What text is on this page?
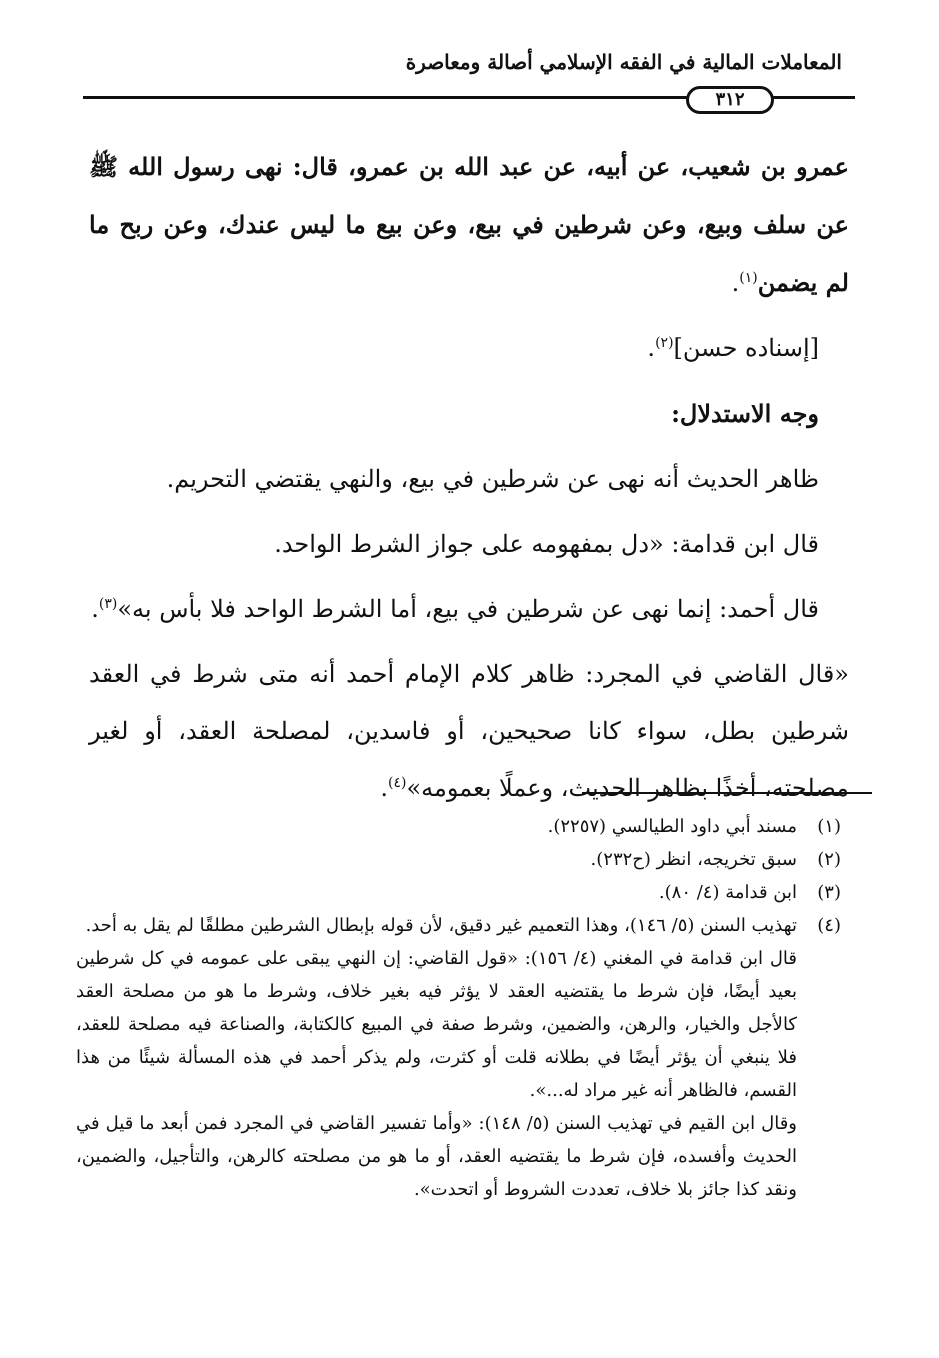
المعاملات المالية في الفقه الإسلامي أصالة ومعاصرة
٣١٢

عمرو بن شعيب، عن أبيه، عن عبد الله بن عمرو، قال: نهى رسول الله ﷺ عن سلف وبيع، وعن شرطين في بيع، وعن بيع ما ليس عندك، وعن ربح ما لم يضمن$^{(١)}$.

[إسناده حسن]$^{(٢)}$.

وجه الاستدلال:

ظاهر الحديث أنه نهى عن شرطين في بيع، والنهي يقتضي التحريم.

قال ابن قدامة: «دل بمفهومه على جواز الشرط الواحد.

قال أحمد: إنما نهى عن شرطين في بيع، أما الشرط الواحد فلا بأس به»$^{(٣)}$.

«قال القاضي في المجرد: ظاهر كلام الإمام أحمد أنه متى شرط في العقد شرطين بطل، سواء كانا صحيحين، أو فاسدين، لمصلحة العقد، أو لغير مصلحته، أخذًا بظاهر الحديث، وعملًا بعمومه»$^{(٤)}$.

(١)
مسند أبي داود الطيالسي (٢٢٥٧).
(٢)
سبق تخريجه، انظر (ح٢٣٢).
(٣)
ابن قدامة (٤/ ٨٠).
(٤)
تهذيب السنن (٥/ ١٤٦)، وهذا التعميم غير دقيق، لأن قوله بإبطال الشرطين مطلقًا لم يقل به أحد.
قال ابن قدامة في المغني (٤/ ١٥٦): «قول القاضي: إن النهي يبقى على عمومه في كل شرطين بعيد أيضًا، فإن شرط ما يقتضيه العقد لا يؤثر فيه بغير خلاف، وشرط ما هو من مصلحة العقد كالأجل والخيار، والرهن، والضمين، وشرط صفة في المبيع كالكتابة، والصناعة فيه مصلحة للعقد، فلا ينبغي أن يؤثر أيضًا في بطلانه قلت أو كثرت، ولم يذكر أحمد في هذه المسألة شيئًا من هذا القسم، فالظاهر أنه غير مراد له...».
وقال ابن القيم في تهذيب السنن (٥/ ١٤٨): «وأما تفسير القاضي في المجرد فمن أبعد ما قيل في الحديث وأفسده، فإن شرط ما يقتضيه العقد، أو ما هو من مصلحته كالرهن، والتأجيل، والضمين، ونقد كذا جائز بلا خلاف، تعددت الشروط أو اتحدت».
